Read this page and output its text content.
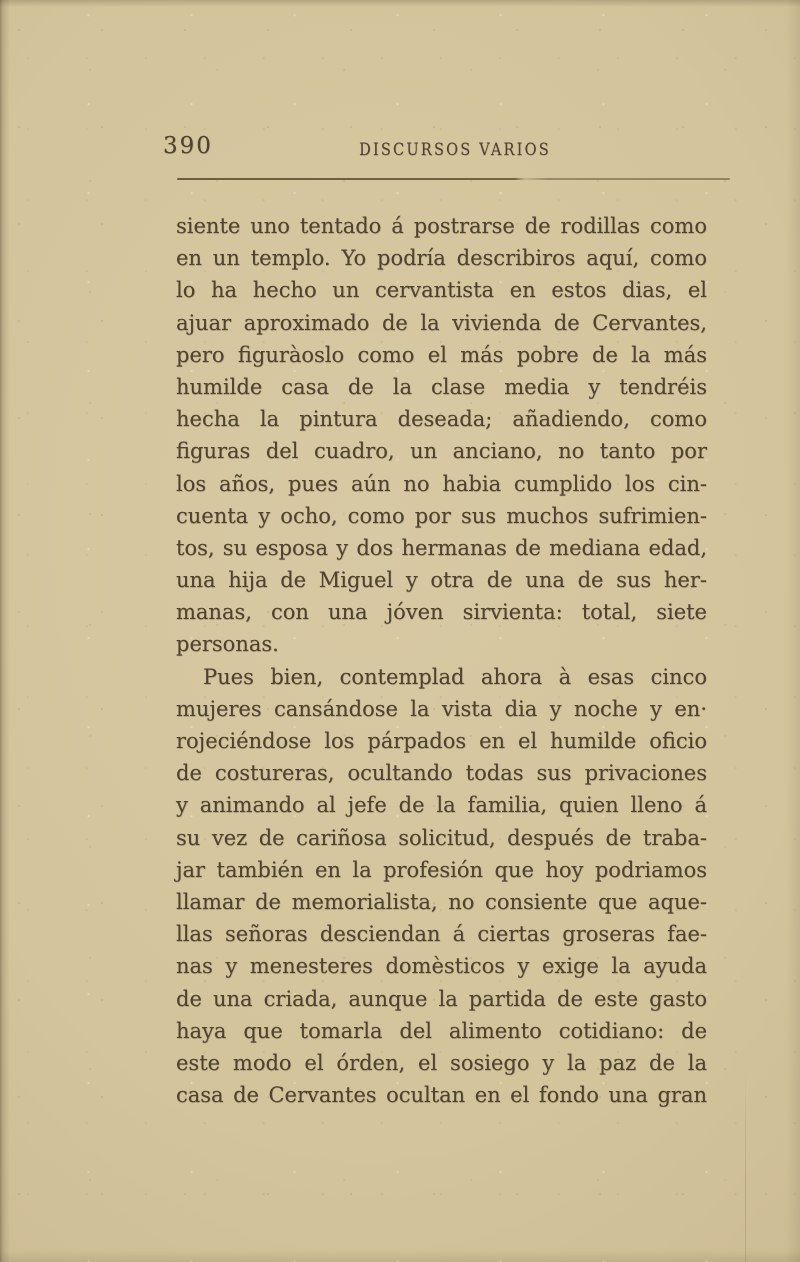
390	DISCURSOS VARIOS
siente uno tentado á postrarse de rodillas como
en un templo. Yo podría describiros aquí, como
lo ha hecho un cervantista en estos dias, el
ajuar aproximado de la vivienda de Cervantes,
pero figuràoslo como el más pobre de la más
humilde casa de la clase media y tendréis
hecha la pintura deseada; añadiendo, como
figuras del cuadro, un anciano, no tanto por
los años, pues aún no habia cumplido los cin-
cuenta y ocho, como por sus muchos sufrimien-
tos, su esposa y dos hermanas de mediana edad,
una hija de Miguel y otra de una de sus her-
manas, con una jóven sirvienta: total, siete
personas.
Pues bien, contemplad ahora à esas cinco
mujeres cansándose la vista dia y noche y en·
rojeciéndose los párpados en el humilde oficio
de costureras, ocultando todas sus privaciones
y animando al jefe de la familia, quien lleno á
su vez de cariñosa solicitud, después de traba-
jar también en la profesión que hoy podriamos
llamar de memorialista, no consiente que aque-
llas señoras desciendan á ciertas groseras fae-
nas y menesteres domèsticos y exige la ayuda
de una criada, aunque la partida de este gasto
haya que tomarla del alimento cotidiano: de
este modo el órden, el sosiego y la paz de la
casa de Cervantes ocultan en el fondo una gran
